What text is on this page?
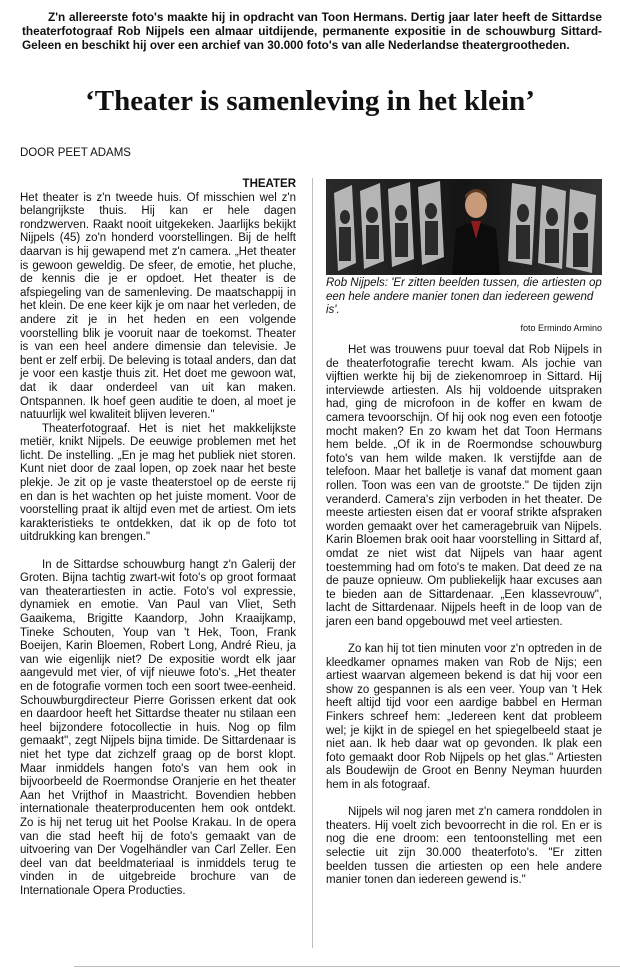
Z'n allereerste foto's maakte hij in opdracht van Toon Hermans. Dertig jaar later heeft de Sittardse theaterfotograaf Rob Nijpels een almaar uitdijende, permanente expositie in de schouwburg Sittard-Geleen en beschikt hij over een archief van 30.000 foto's van alle Nederlandse theatergrootheden.
‘Theater is samenleving in het klein’
DOOR PEET ADAMS
THEATER

Het theater is z'n tweede huis. Of misschien wel z'n belangrijkste thuis. Hij kan er hele dagen rondzwerven. Raakt nooit uitgekeken. Jaarlijks bekijkt Nijpels (45) zo'n honderd voorstellingen. Bij de helft daarvan is hij gewapend met z'n camera. „Het theater is gewoon geweldig. De sfeer, de emotie, het pluche, de kennis die je er opdoet. Het theater is de afspiegeling van de samenleving. De maatschappij in het klein. De ene keer kijk je om naar het verleden, de andere zit je in het heden en een volgende voorstelling blik je vooruit naar de toekomst. Theater is van een heel andere dimensie dan televisie. Je bent er zelf erbij. De beleving is totaal anders, dan dat je voor een kastje thuis zit. Het doet me gewoon wat, dat ik daar onderdeel van uit kan maken. Ontspannen. Ik hoef geen auditie te doen, al moet je natuurlijk wel kwaliteit blijven leveren."

Theaterfotograaf. Het is niet het makkelijkste metiër, knikt Nijpels. De eeuwige problemen met het licht. De instelling. „En je mag het publiek niet storen. Kunt niet door de zaal lopen, op zoek naar het beste plekje. Je zit op je vaste theaterstoel op de eerste rij en dan is het wachten op het juiste moment. Voor de voorstelling praat ik altijd even met de artiest. Om iets karakteristieks te ontdekken, dat ik op de foto tot uitdrukking kan brengen."

In de Sittardse schouwburg hangt z'n Galerij der Groten. Bijna tachtig zwart-wit foto's op groot formaat van theaterartiesten in actie. Foto's vol expressie, dynamiek en emotie. Van Paul van Vliet, Seth Gaaikema, Brigitte Kaandorp, John Kraaijkamp, Tineke Schouten, Youp van 't Hek, Toon, Frank Boeijen, Karin Bloemen, Robert Long, André Rieu, ja van wie eigenlijk niet? De expositie wordt elk jaar aangevuld met vier, of vijf nieuwe foto's. „Het theater en de fotografie vormen toch een soort twee-eenheid. Schouwburgdirecteur Pierre Gorissen erkent dat ook en daardoor heeft het Sittardse theater nu stilaan een heel bijzondere fotocollectie in huis. Nog op film gemaakt", zegt Nijpels bijna timide. De Sittardenaar is niet het type dat zichzelf graag op de borst klopt. Maar inmiddels hangen foto's van hem ook in bijvoorbeeld de Roermondse Oranjerie en het theater Aan het Vrijthof in Maastricht. Bovendien hebben internationale theaterproducenten hem ook ontdekt. Zo is hij net terug uit het Poolse Krakau. In de opera van die stad heeft hij de foto's gemaakt van de uitvoering van Der Vogelhändler van Carl Zeller. Een deel van dat beeldmateriaal is inmiddels terug te vinden in de uitgebreide brochure van de Internationale Opera Producties.

Rob Nijpels: 'Er zitten beelden tussen, die artiesten op een hele andere manier tonen dan iedereen gewend is'.
foto Ermindo Armino

Het was trouwens puur toeval dat Rob Nijpels in de theaterfotografie terecht kwam. Als jochie van vijftien werkte hij bij de ziekenomroep in Sittard. Hij interviewde artiesten. Als hij voldoende uitspraken had, ging de microfoon in de koffer en kwam de camera tevoorschijn. Of hij ook nog even een fotootje mocht maken? En zo kwam het dat Toon Hermans hem belde. „Of ik in de Roermondse schouwburg foto's van hem wilde maken. Ik verstijfde aan de telefoon. Maar het balletje is vanaf dat moment gaan rollen. Toon was een van de grootste." De tijden zijn veranderd. Camera's zijn verboden in het theater. De meeste artiesten eisen dat er vooraf strikte afspraken worden gemaakt over het cameragebruik van Nijpels. Karin Bloemen brak ooit haar voorstelling in Sittard af, omdat ze niet wist dat Nijpels van haar agent toestemming had om foto's te maken. Dat deed ze na de pauze opnieuw. Om publiekelijk haar excuses aan te bieden aan de Sittardenaar. „Een klassevrouw", lacht de Sittardenaar. Nijpels heeft in de loop van de jaren een band opgebouwd met veel artiesten.

Zo kan hij tot tien minuten voor z'n optreden in de kleedkamer opnames maken van Rob de Nijs; een artiest waarvan algemeen bekend is dat hij voor een show zo gespannen is als een veer. Youp van 't Hek heeft altijd tijd voor een aardige babbel en Herman Finkers schreef hem: „Iedereen kent dat probleem wel; je kijkt in de spiegel en het spiegelbeeld staat je niet aan. Ik heb daar wat op gevonden. Ik plak een foto gemaakt door Rob Nijpels op het glas." Artiesten als Boudewijn de Groot en Benny Neyman huurden hem in als fotograaf.

Nijpels wil nog jaren met z'n camera ronddolen in theaters. Hij voelt zich bevoorrecht in die rol. En er is nog die ene droom: een tentoonstelling met een selectie uit zijn 30.000 theaterfoto's. "Er zitten beelden tussen die artiesten op een hele andere manier tonen dan iedereen gewend is."
